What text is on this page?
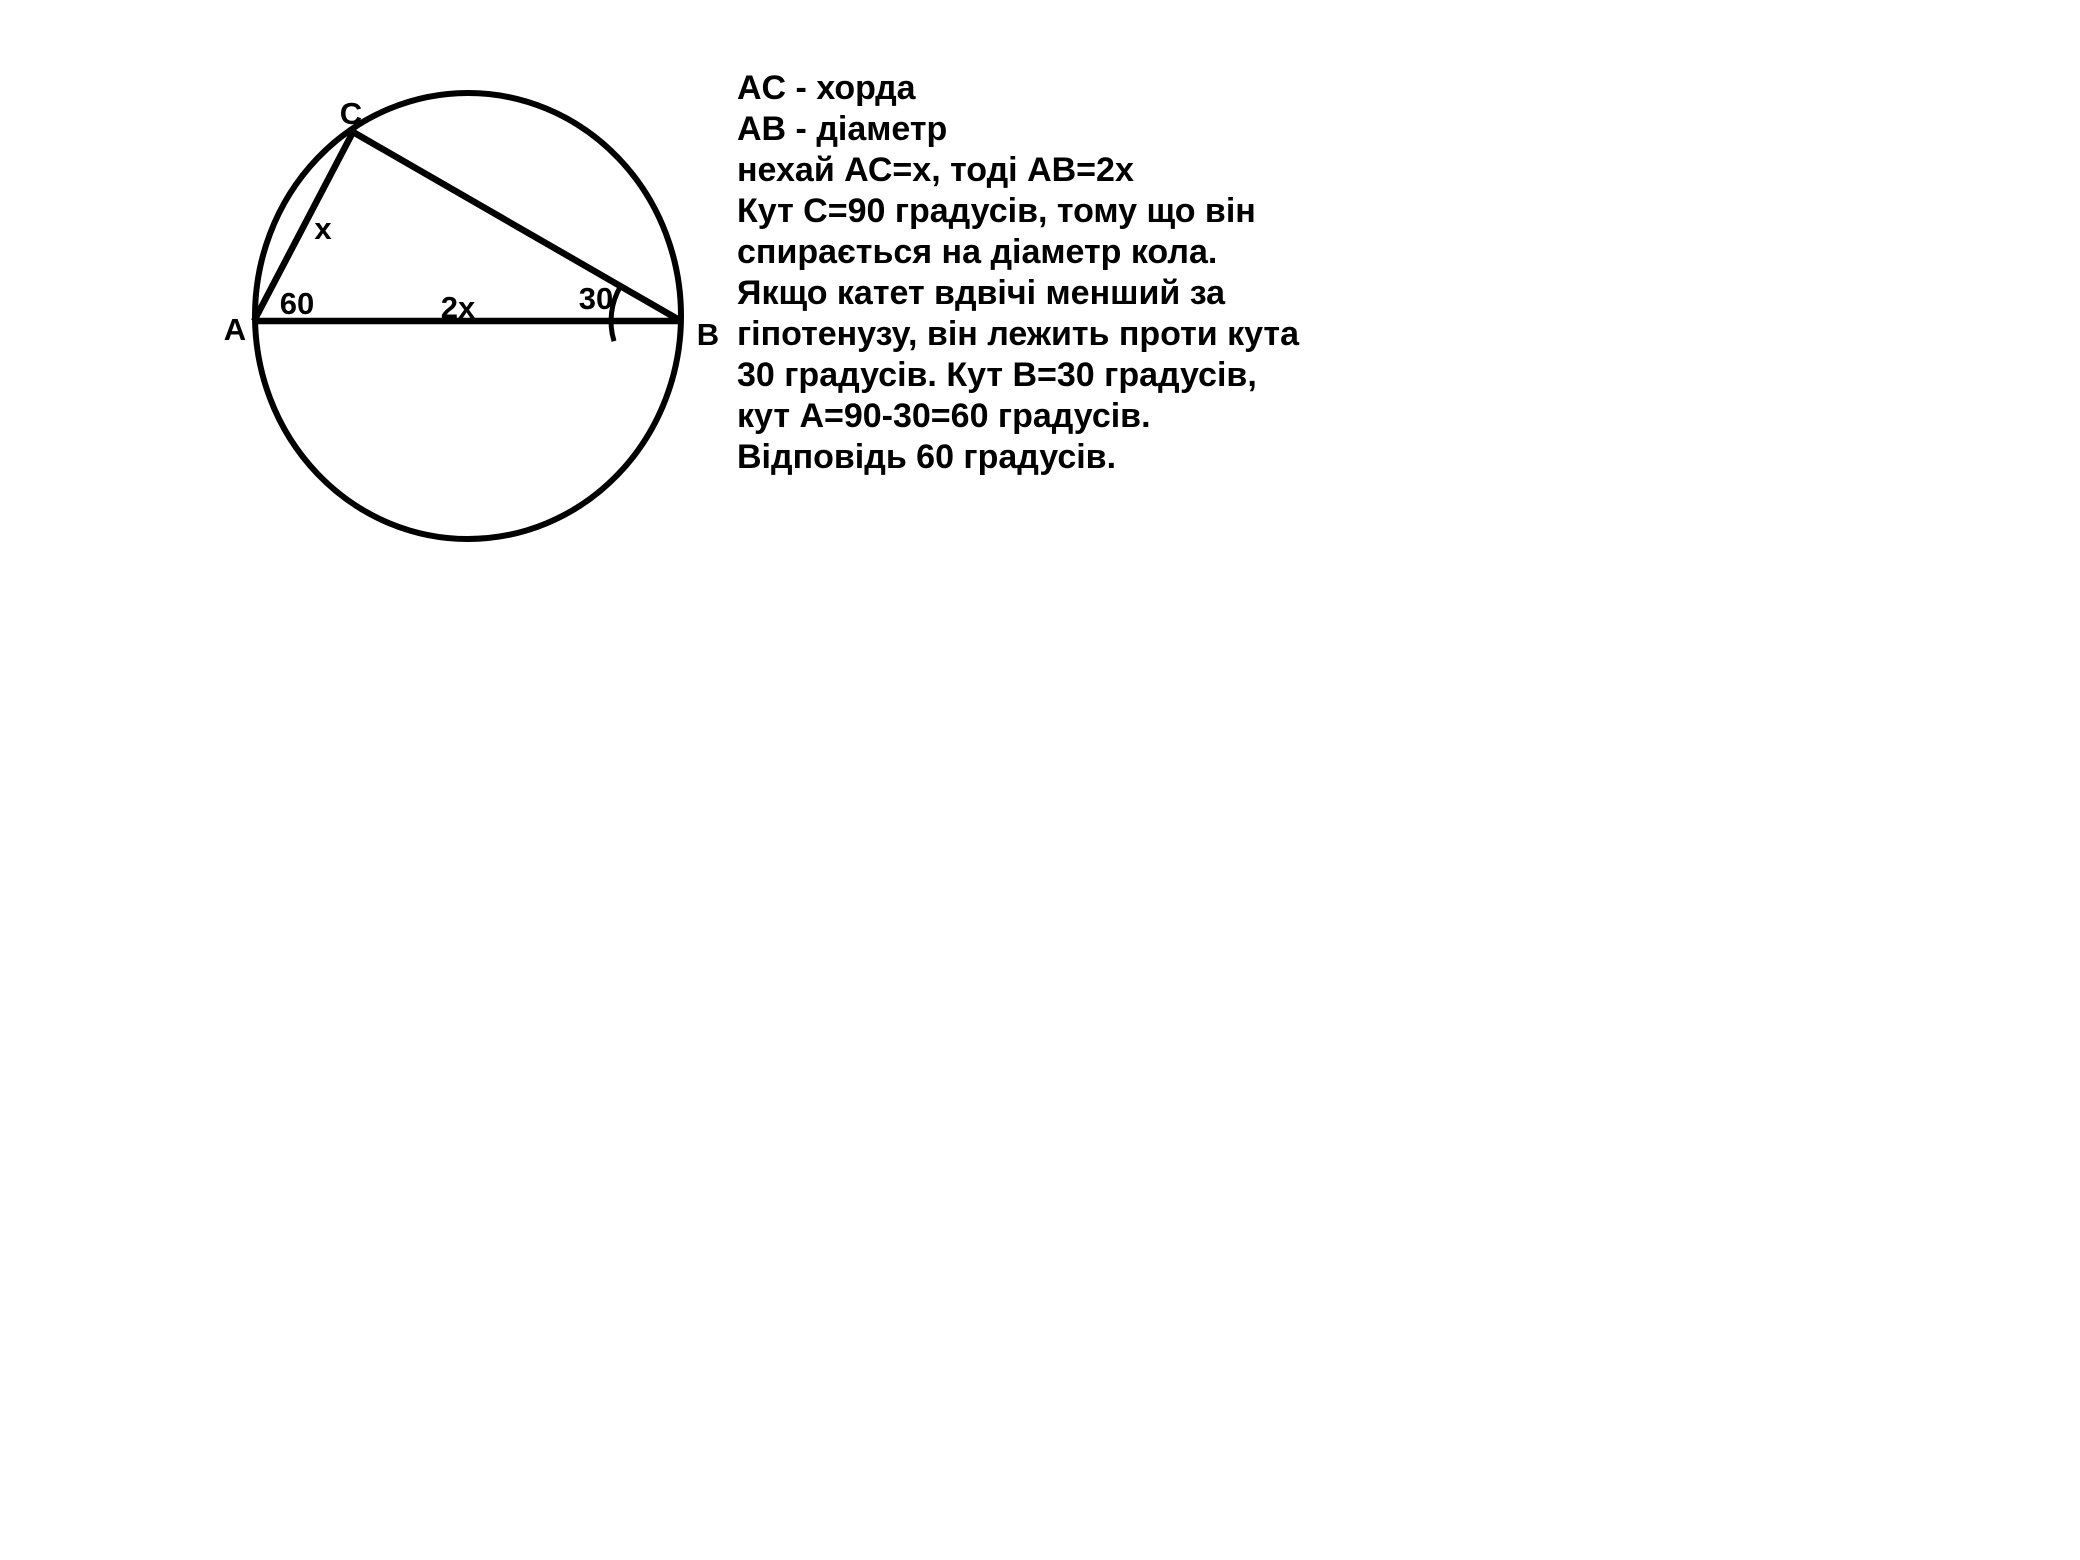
A	B
C
x
60	2x	30
AC - хорда
АВ - діаметр
нехай АС=х, тоді АВ=2х
Кут С=90 градусів, тому що він
спирається на діаметр кола.
Якщо катет вдвічі менший за
гіпотенузу, він лежить проти кута
30 градусів. Кут В=30 градусів,
кут А=90-30=60 градусів.
Відповідь 60 градусів.
